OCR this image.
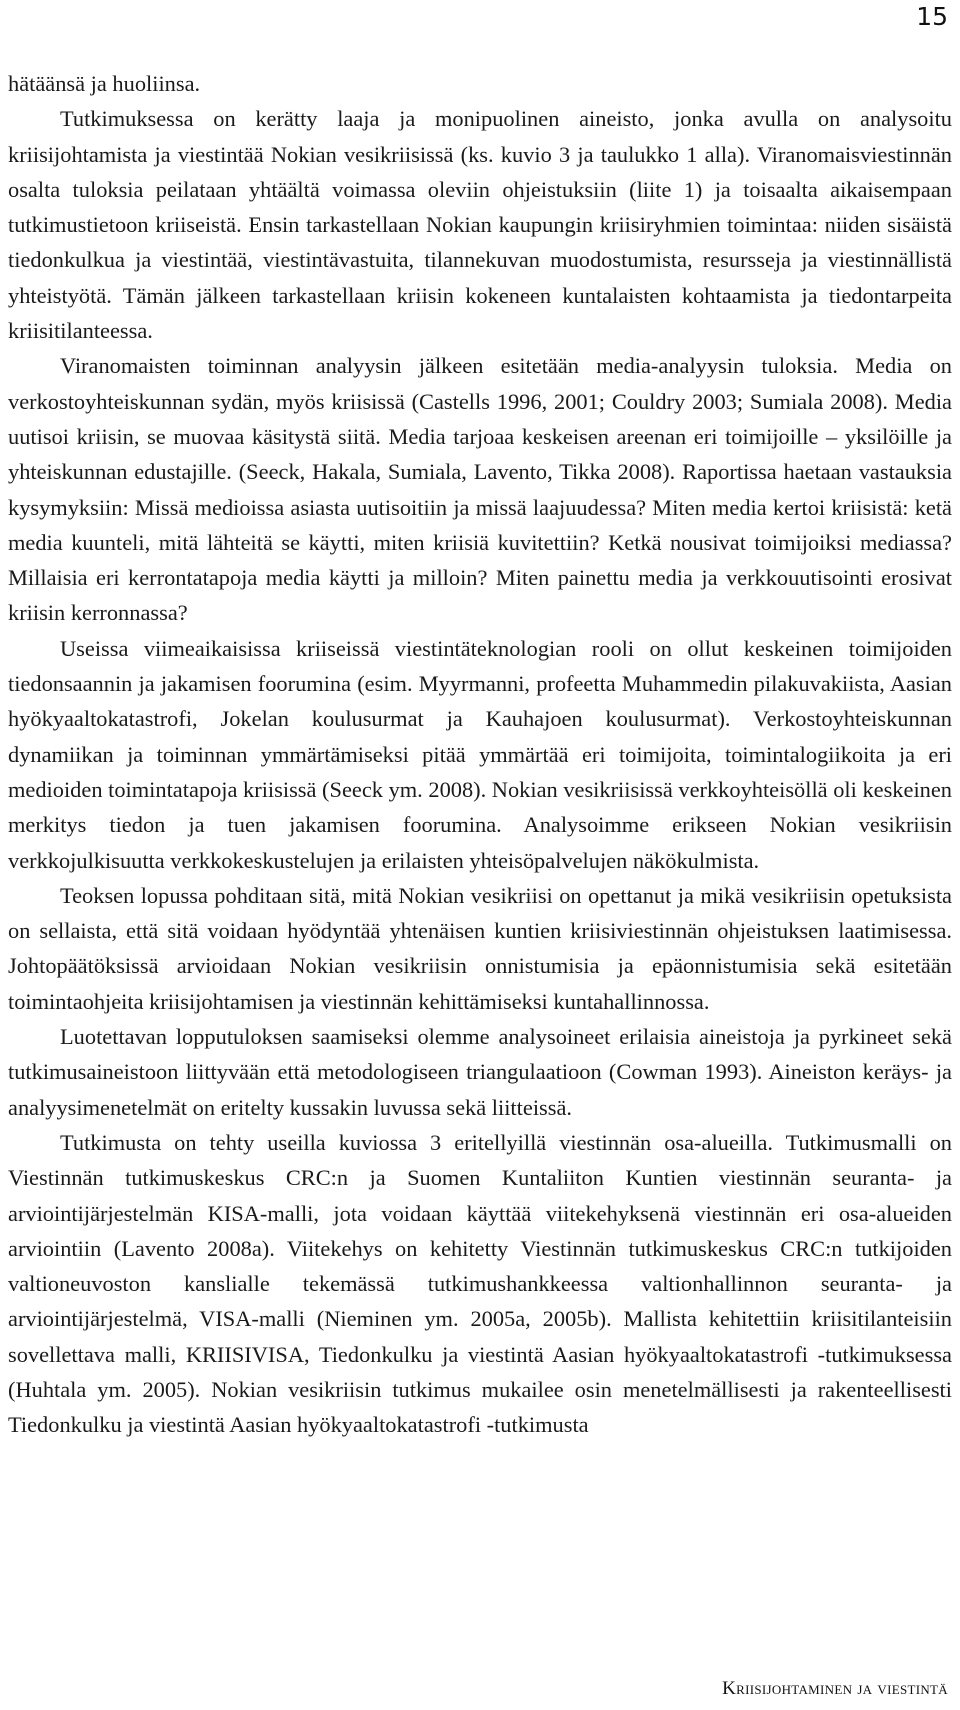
15

hätäänsä ja huoliinsa.

Tutkimuksessa on kerätty laaja ja monipuolinen aineisto, jonka avulla on analysoitu kriisijohtamista ja viestintää Nokian vesikriisissä (ks. kuvio 3 ja taulukko 1 alla). Viranomaisviestinnän osalta tuloksia peilataan yhtäältä voimassa oleviin ohjeistuksiin (liite 1) ja toisaalta aikaisempaan tutkimustietoon kriiseistä. Ensin tarkastellaan Nokian kaupungin kriisiryhmien toimintaa: niiden sisäistä tiedonkulkua ja viestintää, viestintävastuita, tilannekuvan muodostumista, resursseja ja viestinnällistä yhteistyötä. Tämän jälkeen tarkastellaan kriisin kokeneen kuntalaisten kohtaamista ja tiedontarpeita kriisitilanteessa.

Viranomaisten toiminnan analyysin jälkeen esitetään media-analyysin tuloksia. Media on verkostoyhteiskunnan sydän, myös kriisissä (Castells 1996, 2001; Couldry 2003; Sumiala 2008). Media uutisoi kriisin, se muovaa käsitystä siitä. Media tarjoaa keskeisen areenan eri toimijoille – yksilöille ja yhteiskunnan edustajille. (Seeck, Hakala, Sumiala, Lavento, Tikka 2008). Raportissa haetaan vastauksia kysymyksiin: Missä medioissa asiasta uutisoitiin ja missä laajuudessa? Miten media kertoi kriisistä: ketä media kuunteli, mitä lähteitä se käytti, miten kriisiä kuvitettiin? Ketkä nousivat toimijoiksi mediassa? Millaisia eri kerrontatapoja media käytti ja milloin? Miten painettu media ja verkkouutisointi erosivat kriisin kerronnassa?

Useissa viimeaikaisissa kriiseissä viestintäteknologian rooli on ollut keskeinen toimijoiden tiedonsaannin ja jakamisen foorumina (esim. Myyrmanni, profeetta Muhammedin pilakuvakiista, Aasian hyökyaaltokatastrofi, Jokelan koulusurmat ja Kauhajoen koulusurmat). Verkostoyhteiskunnan dynamiikan ja toiminnan ymmärtämiseksi pitää ymmärtää eri toimijoita, toimintalogiikoita ja eri medioiden toimintatapoja kriisissä (Seeck ym. 2008). Nokian vesikriisissä verkkoyhteisöllä oli keskeinen merkitys tiedon ja tuen jakamisen foorumina. Analysoimme erikseen Nokian vesikriisin verkkojulkisuutta verkkokeskustelujen ja erilaisten yhteisöpalvelujen näkökulmista.

Teoksen lopussa pohditaan sitä, mitä Nokian vesikriisi on opettanut ja mikä vesikriisin opetuksista on sellaista, että sitä voidaan hyödyntää yhtenäisen kuntien kriisiviestinnän ohjeistuksen laatimisessa. Johtopäätöksissä arvioidaan Nokian vesikriisin onnistumisia ja epäonnistumisia sekä esitetään toimintaohjeita kriisijohtamisen ja viestinnän kehittämiseksi kuntahallinnossa.

Luotettavan lopputuloksen saamiseksi olemme analysoineet erilaisia aineistoja ja pyrkineet sekä tutkimusaineistoon liittyvään että metodologiseen triangulaatioon (Cowman 1993). Aineiston keräys- ja analyysimenetelmät on eritelty kussakin luvussa sekä liitteissä.

Tutkimusta on tehty useilla kuviossa 3 eritellyillä viestinnän osa-alueilla. Tutkimusmalli on Viestinnän tutkimuskeskus CRC:n ja Suomen Kuntaliiton Kuntien viestinnän seuranta- ja arviointijärjestelmän KISA-malli, jota voidaan käyttää viitekehyksenä viestinnän eri osa-alueiden arviointiin (Lavento 2008a). Viitekehys on kehitetty Viestinnän tutkimuskeskus CRC:n tutkijoiden valtioneuvoston kanslialle tekemässä tutkimushankkeessa valtionhallinnon seuranta- ja arviointijärjestelmä, VISA-malli (Nieminen ym. 2005a, 2005b). Mallista kehitettiin kriisitilanteisiin sovellettava malli, KRIISIVISA, Tiedonkulku ja viestintä Aasian hyökyaaltokatastrofi -tutkimuksessa (Huhtala ym. 2005). Nokian vesikriisin tutkimus mukailee osin menetelmällisesti ja rakenteellisesti Tiedonkulku ja viestintä Aasian hyökyaaltokatastrofi -tutkimusta

Kriisijohtaminen ja viestintä
